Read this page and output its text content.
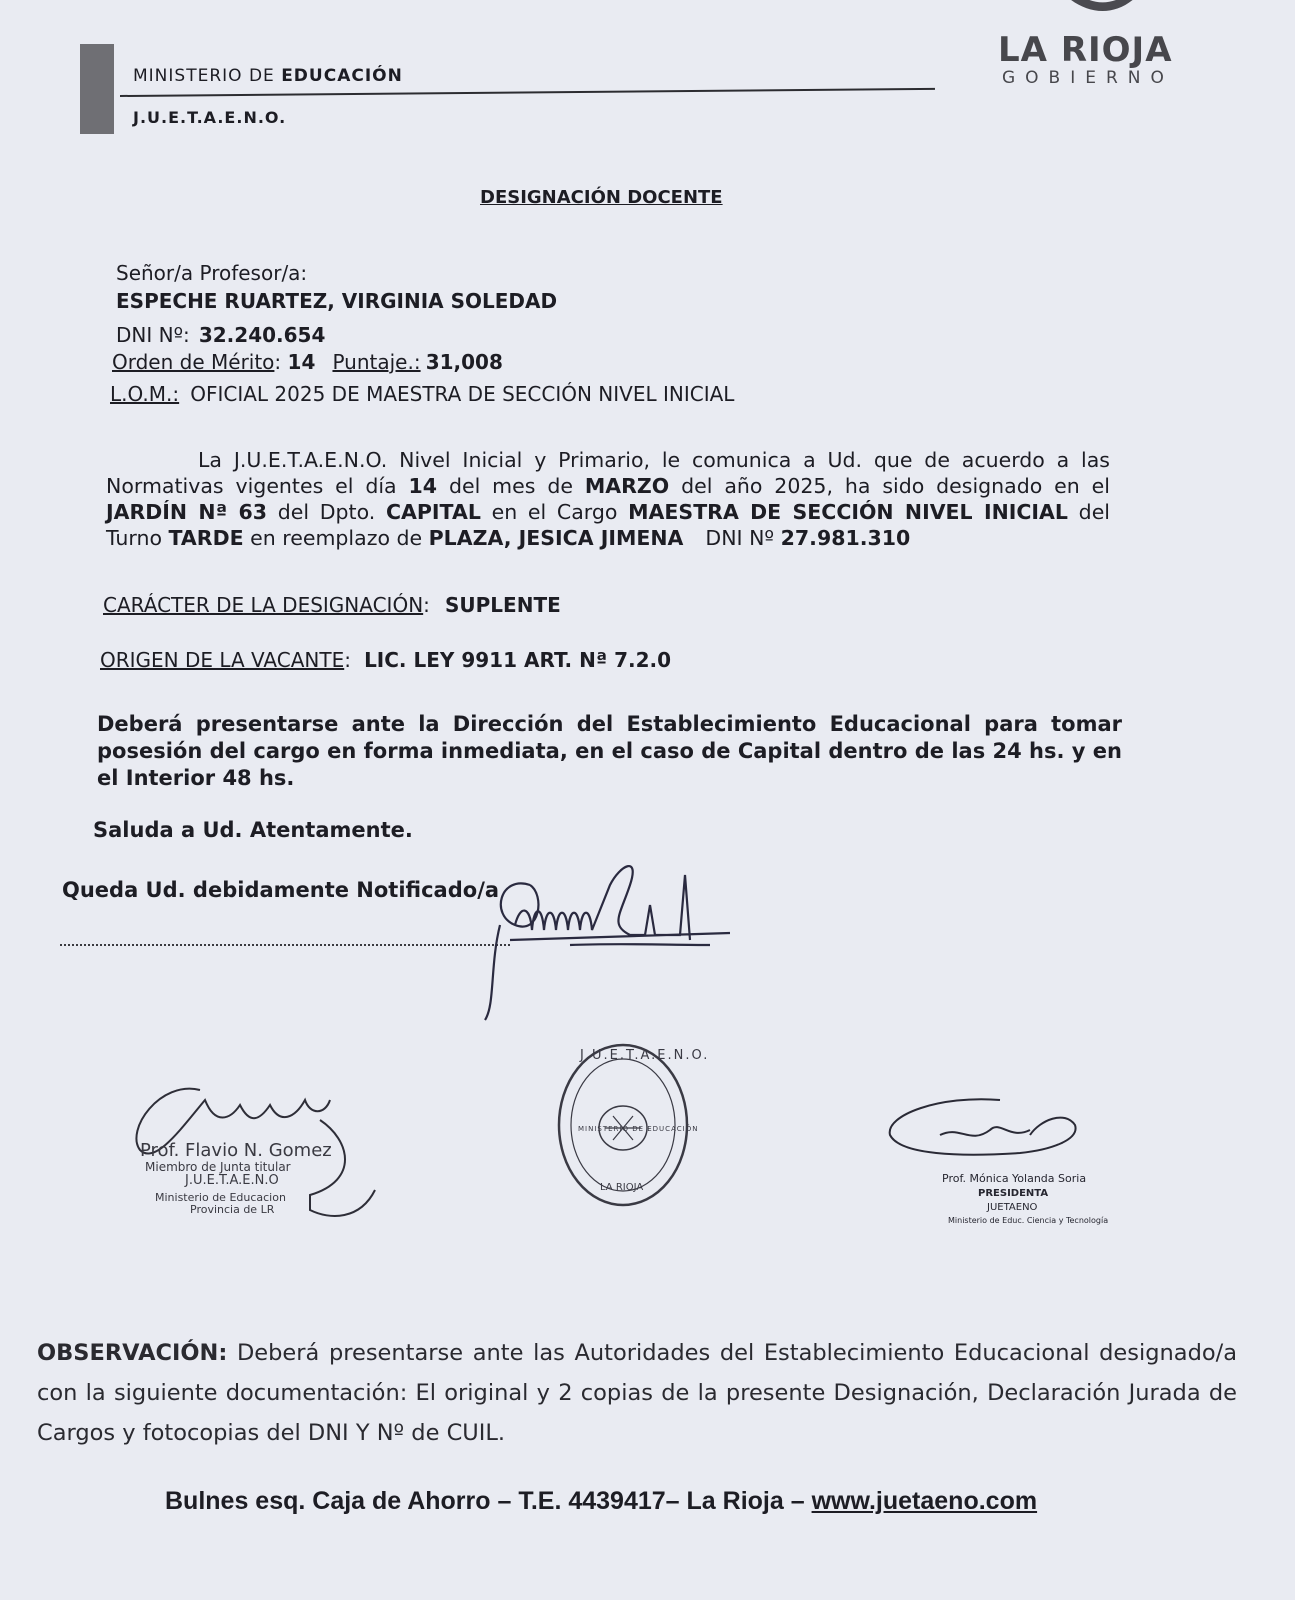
MINISTERIO DE EDUCACIÓN
J.U.E.T.A.E.N.O.
LA RIOJA
GOBIERNO
DESIGNACIÓN DOCENTE
Señor/a Profesor/a:
ESPECHE RUARTEZ, VIRGINIA SOLEDAD
DNI Nº: 32.240.654
Orden de Mérito: 14 Puntaje.: 31,008
L.O.M.: OFICIAL 2025 DE MAESTRA DE SECCIÓN NIVEL INICIAL
La J.U.E.T.A.E.N.O. Nivel Inicial y Primario, le comunica a Ud. que de acuerdo a las Normativas vigentes el día 14 del mes de MARZO del año 2025, ha sido designado en el JARDÍN Nª 63 del Dpto. CAPITAL en el Cargo MAESTRA DE SECCIÓN NIVEL INICIAL del Turno TARDE en reemplazo de PLAZA, JESICA JIMENA DNI Nº 27.981.310
CARÁCTER DE LA DESIGNACIÓN: SUPLENTE
ORIGEN DE LA VACANTE: LIC. LEY 9911 ART. Nª 7.2.0
Deberá presentarse ante la Dirección del Establecimiento Educacional para tomar posesión del cargo en forma inmediata, en el caso de Capital dentro de las 24 hs. y en el Interior 48 hs.
Saluda a Ud. Atentamente.
Queda Ud. debidamente Notificado/a
Prof. Flavio N. Gomez
Miembro de Junta titular
J.U.E.T.A.E.N.O
Ministerio de Educacion
Provincia de LR
J.U.E.T.A.E.N.O.
MINISTERIO DE EDUCACIÓN
LA RIOJA
Prof. Mónica Yolanda Soria
PRESIDENTA
JUETAENO
Ministerio de Educ. Ciencia y Tecnología
OBSERVACIÓN: Deberá presentarse ante las Autoridades del Establecimiento Educacional designado/a con la siguiente documentación: El original y 2 copias de la presente Designación, Declaración Jurada de Cargos y fotocopias del DNI Y Nº de CUIL.
Bulnes esq. Caja de Ahorro – T.E. 4439417– La Rioja – www.juetaeno.com
